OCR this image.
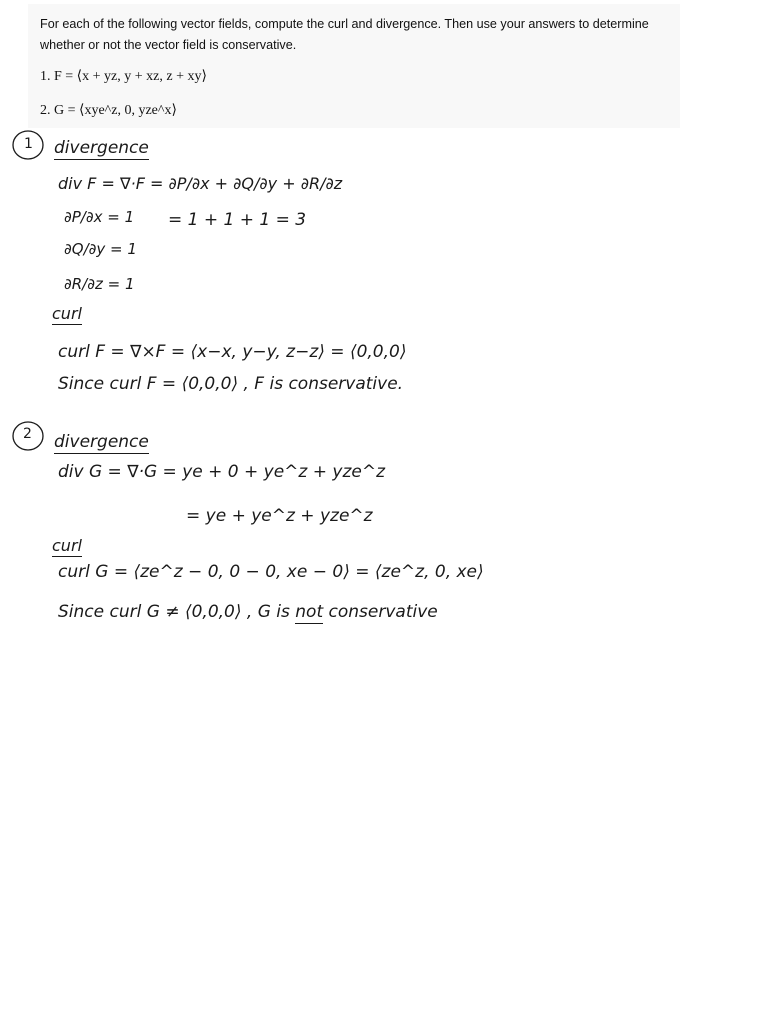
For each of the following vector fields, compute the curl and divergence. Then use your answers to determine whether or not the vector field is conservative.
1. F = ⟨x + yz, y + xz, z + xy⟩
2. G = ⟨xye^z, 0, yze^x⟩
1 divergence
div F = ∇·F = ∂P/∂x + ∂Q/∂y + ∂R/∂z
∂P/∂x = 1 = 1 + 1 + 1 = 3
∂Q/∂y = 1
∂R/∂z = 1
curl
curl F = ∇×F = ⟨x−x, y−y, z−z⟩ = ⟨0,0,0⟩
Since curl F = ⟨0,0,0⟩ , F is conservative.
2 divergence
div G = ∇·G = ye + 0 + ye^z + yze^z
= ye + ye^z + yze^z
curl
curl G = ⟨ze^z − 0, 0 − 0, xe − 0⟩ = ⟨ze^z, 0, xe⟩
Since curl G ≠ ⟨0,0,0⟩ , G is not conservative
